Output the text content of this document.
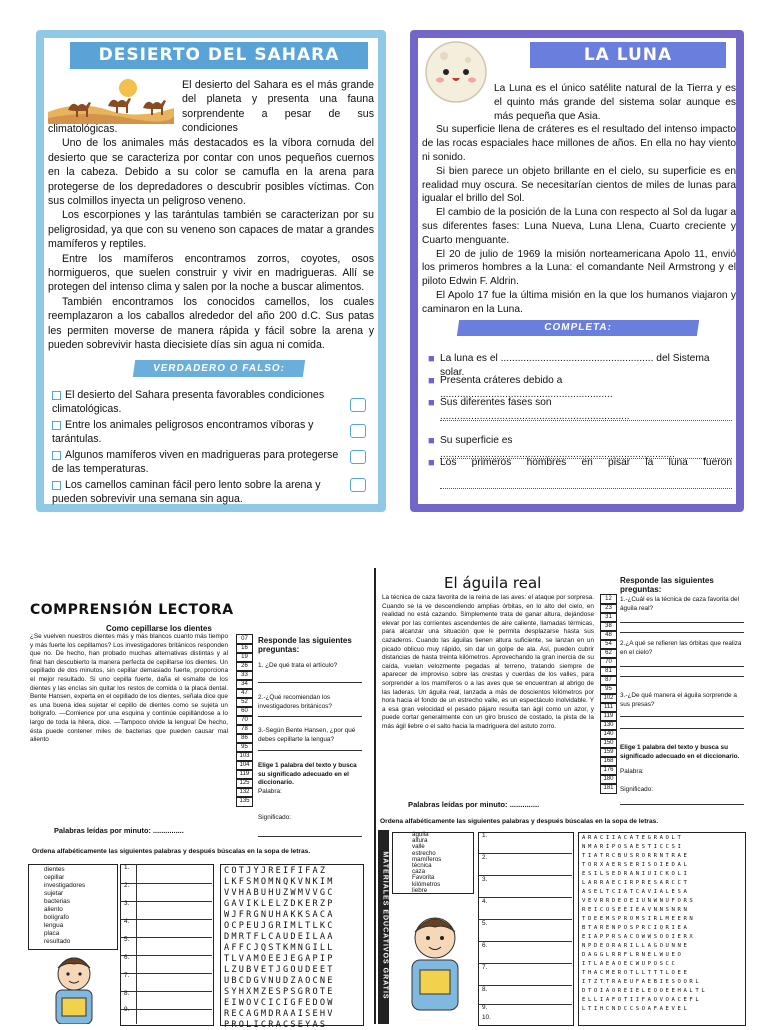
DESIERTO DEL SAHARA

El desierto del Sahara es el más grande del planeta y presenta una fauna sorprendente a pesar de sus condiciones

climatológicas.

Uno de los animales más destacados es la víbora cornuda del desierto que se caracteriza por contar con unos pequeños cuernos en la cabeza. Debido a su color se camufla en la arena para protegerse de los depredadores o descubrir posibles víctimas. Con sus colmillos inyecta un peligroso veneno.

Los escorpiones y las tarántulas también se caracterizan por su peligrosidad, ya que con su veneno son capaces de matar a grandes mamíferos y reptiles.

Entre los mamíferos encontramos zorros, coyotes, osos hormigueros, que suelen construir y vivir en madrigueras. Allí se protegen del intenso clima y salen por la noche a buscar alimentos.

También encontramos los conocidos camellos, los cuales reemplazaron a los caballos alrededor del año 200 d.C. Sus patas les permiten moverse de manera rápida y fácil sobre la arena y pueden sobrevivir hasta diecisiete días sin agua ni comida.

VERDADERO O FALSO:
El desierto del Sahara presenta favorables condiciones climatológicas.
Entre los animales peligrosos encontramos víboras y tarántulas.
Algunos mamíferos viven en madrigueras para protegerse de las temperaturas.
Los camellos caminan fácil pero lento sobre la arena y pueden sobrevivir una semana sin agua.
LA LUNA

La Luna es el único satélite natural de la Tierra y es el quinto más grande del sistema solar aunque es más pequeña que Asia.

Su superficie llena de cráteres es el resultado del intenso impacto de las rocas espaciales hace millones de años. En ella no hay viento ni sonido.

Si bien parece un objeto brillante en el cielo, su superficie es en realidad muy oscura. Se necesitarían cientos de miles de lunas para igualar el brillo del Sol.

El cambio de la posición de la Luna con respecto al Sol da lugar a sus diferentes fases: Luna Nueva, Luna Llena, Cuarto creciente y Cuarto menguante.

El 20 de julio de 1969 la misión norteamericana Apolo 11, envió los primeros hombres a la Luna: el comandante Neil Armstrong y el piloto Edwin F. Aldrin.

El Apolo 17 fue la última misión en la que los humanos viajaron y caminaron en la Luna.

COMPLETA:
■ La luna es el ...................................................... del Sistema solar.
■ Presenta cráteres debido a .............................................................
■ Sus diferentes fases son ...................................................................
■ Su superficie es ...................................................................................
■ Los primeros hombres en pisar la luna fueron
COMPRENSIÓN LECTORA
Como cepillarse los dientes
¿Se vuelven nuestros dientes más y más blancos cuanto más tiempo y más fuerte los cepillamos? Los investigadores británicos responden que no. De hecho, han probado muchas alternativas distintas y al final han descubierto la manera perfecta de cepillarse los dientes. Un cepillado de dos minutos, sin cepillar demasiado fuerte, proporciona el mejor resultado. Si uno cepilla fuerte, daña el esmalte de los dientes y las encías sin quitar los restos de comida o la placa dental. Bente Hansen, experta en el cepillado de los dientes, señala dice que es una buena idea sujetar el cepillo de dientes como se sujeta un bolígrafo. —Comience por una esquina y continúe cepillándose a lo largo de toda la hilera, dice. —Tampoco olvide la lengua! De hecho, ésta puede contener miles de bacterias que pueden causar mal aliento
07
16
19
26
33
34
47
52
60
70
78
86
95
103
104
119
125
132
135
Responde las siguientes preguntas:
1. ¿De qué trata el artículo?
2.-¿Qué recomiendan los investigadores británicos?
3.-Según Bente Hansen, ¿por qué debes cepillarte la lengua?
Elige 1 palabra del texto y busca su significado adecuado en el diccionario.
Palabra:
Significado:
Palabras leídas por minuto: ...............
Ordena alfabéticamente las siguientes palabras y después búscalas en la sopa de letras.
dientes
cepillar
investigadores
sujetar
bacterias
aliento
bolígrafo
lengua
placa
resultado
1.
2.
3.
4.
5.
6.
7.
8.
9.
COTJYJREIFIFAZ
LKFSMOMNQKVNKIM
VVHABUHUZWMVVGC
GAVIKLELZDKERZP
WJFRGNUHAKKSACA
OCPEUJGRIMLTLKC
DMRTFLCAUDEILAA
AFFCJQSTKMNGILL
TLVAMOEEJEGAPIP
LZUBVETJGOUDEET
UBCDGVNUDZAOCNE
SYHXMZESPSGROTE
EIWOVCICIGFEDOW
RECAGMDRAAISEHV
PROLICRACSEYAS
El águila real
La técnica de caza favorita de la reina de las aves: el ataque por sorpresa. Cuando se la ve descendiendo amplias órbitas, en lo alto del cielo, en realidad no está cazando. Simplemente trata de ganar altura, dejándose elevar por las corrientes ascendentes de aire caliente, llamadas térmicas, para alcanzar una situación que le permita desplazarse hasta sus cazaderos. Cuando las águilas tienen altura suficiente, se lanzan en un picado oblicuo muy rápido, sin dar un golpe de ala. Así, pueden cubrir distancias de hasta treinta kilómetros. Aprovechando la gran inercia de su caída, vuelan velozmente pegadas al terreno, tratando siempre de aparecer de improviso sobre las crestas y cuerdas de los valles, para sorprender a los mamíferos o a las aves que se encuentran al abrigo de las laderas. Un águila real, lanzada a más de doscientos kilómetros por hora hacia el fondo de un estrecho valle, es un espectáculo inolvidable. Y a esa gran velocidad el pesado pájaro resulta tan ágil como un azor, y puede cortar generalmente con un giro brusco de costado, la pista de la más ágil liebre o el salto hacia la madriguera del astuto zorro.
12
23
31
38
48
54
62
70
81
87
95
102
111
119
130
140
150
159
168
176
180
181
Responde las siguientes preguntas:
1.-¿Cuál es la técnica de caza favorita del águila real?
2.¿A qué se refieren las órbitas que realiza en el cielo?
3.-¿De qué manera el águila sorprende a sus presas?
Elige 1 palabra del texto y busca su significado adecuado en el diccionario.
Palabra:
Significado:
Palabras leídas por minuto: ..............
Ordena alfabéticamente las siguientes palabras y después búscalas en la sopa de letras.
MATERIALES EDUCATIVOS GRATIS
águila
altura
valle
estrecho
mamíferos
técnica
caza
Favorita
kilómetros
liebre
1.
2.
3.
4.
5.
6.
7.
8.
9.
10.
ARACIIACATEGRAOLT
NMARIPOSAESTICCSI
TIATRCBUSRORRNTRAE
TORXAERSERISOIEDAL
ESILSEDRANIUICKOLI
LARRAECIRPRESARCCT
ASELTCIATCAVIALESA
VEVRRDEOEIUNWNUFORS
REICOSEEIEAVNNSNRN
TDEEMSPROMSIRLMEERN
BTARENPOSPRCIQRIEA
EIAPPRSACOWWSOOIERX
NPDEORARILLAGOUNNE
DAGGLRRFLRNELWUEO
ITLAEAOECWUPOSCC
THACMEROTLLTTTLOEE
ITZTTRAEUFAEBIESOORL
DTOIAOREIELEOOEEHALTL
ELLIAFOTIIFAOVOACEFL
LTIHCNDCCSOAFAEVEL
